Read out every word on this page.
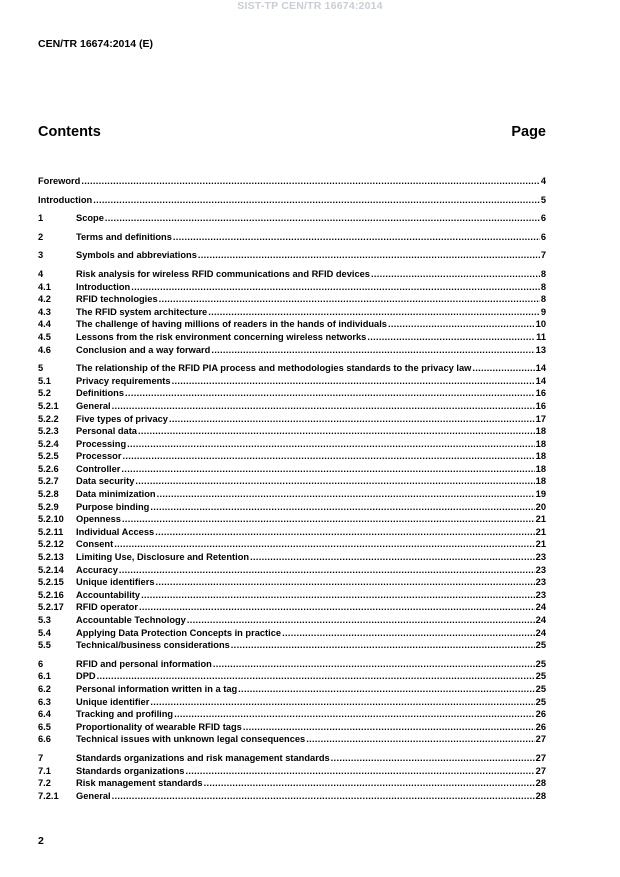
SIST-TP CEN/TR 16674:2014
CEN/TR 16674:2014 (E)
Contents	Page
Foreword .....	4
Introduction .....	5
1	Scope .....	6
2	Terms and definitions .....	6
3	Symbols and abbreviations .....	7
4	Risk analysis for wireless RFID communications and RFID devices .....	8
4.1	Introduction .....	8
4.2	RFID technologies .....	8
4.3	The RFID system architecture .....	9
4.4	The challenge of having millions of readers in the hands of individuals .....	10
4.5	Lessons from the risk environment concerning wireless networks .....	11
4.6	Conclusion and a way forward .....	13
5	The relationship of the RFID PIA process and methodologies standards to the privacy law .....	14
5.1	Privacy requirements .....	14
5.2	Definitions .....	16
5.2.1	General .....	16
5.2.2	Five types of privacy .....	17
5.2.3	Personal data .....	18
5.2.4	Processing .....	18
5.2.5	Processor .....	18
5.2.6	Controller .....	18
5.2.7	Data security .....	18
5.2.8	Data minimization .....	19
5.2.9	Purpose binding .....	20
5.2.10	Openness .....	21
5.2.11	Individual Access .....	21
5.2.12	Consent .....	21
5.2.13	Limiting Use, Disclosure and Retention .....	23
5.2.14	Accuracy .....	23
5.2.15	Unique identifiers .....	23
5.2.16	Accountability .....	23
5.2.17	RFID operator .....	24
5.3	Accountable Technology .....	24
5.4	Applying Data Protection Concepts in practice .....	24
5.5	Technical/business considerations .....	25
6	RFID and personal information .....	25
6.1	DPD .....	25
6.2	Personal information written in a tag .....	25
6.3	Unique identifier .....	25
6.4	Tracking and profiling .....	26
6.5	Proportionality of wearable RFID tags .....	26
6.6	Technical issues with unknown legal consequences .....	27
7	Standards organizations and risk management standards .....	27
7.1	Standards organizations .....	27
7.2	Risk management standards .....	28
7.2.1	General .....	28
2
